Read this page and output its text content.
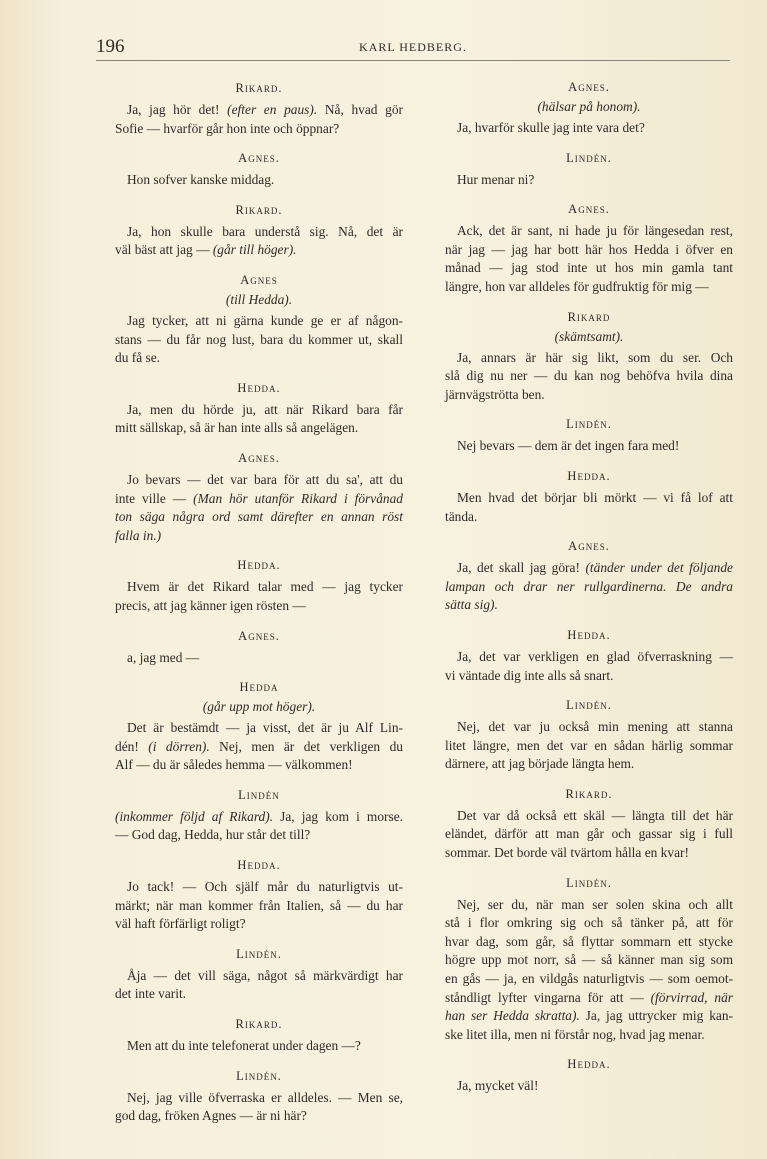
196	KARL HEDBERG.
Rikard.
Ja, jag hör det! (efter en paus). Nå, hvad gör
Sofie — hvarför går hon inte och öppnar?
Agnes.
Hon sofver kanske middag.
Rikard.
Ja, hon skulle bara understå sig. Nå, det är
väl bäst att jag — (går till höger).
Agnes
(till Hedda).
Jag tycker, att ni gärna kunde ge er af någon-
stans — du får nog lust, bara du kommer ut, skall
du få se.
Hedda.
Ja, men du hörde ju, att när Rikard bara får
mitt sällskap, så är han inte alls så angelägen.
Agnes.
Jo bevars — det var bara för att du sa', att du
inte ville — (Man hör utanför Rikard i förvånad
ton säga några ord samt därefter en annan röst
falla in.)
Hedda.
Hvem är det Rikard talar med — jag tycker
precis, att jag känner igen rösten —
Agnes.
a, jag med —
Hedda
(går upp mot höger).
Det är bestämdt — ja visst, det är ju Alf Lin-
dén! (i dörren). Nej, men är det verkligen du
Alf — du är således hemma — välkommen!
Lindén
(inkommer följd af Rikard). Ja, jag kom i morse.
— God dag, Hedda, hur står det till?
Hedda.
Jo tack! — Och själf mår du naturligtvis ut-
märkt; när man kommer från Italien, så — du har
väl haft förfärligt roligt?
Lindén.
Åja — det vill säga, något så märkvärdigt har
det inte varit.
Rikard.
Men att du inte telefonerat under dagen —?
Lindén.
Nej, jag ville öfverraska er alldeles. — Men se,
god dag, fröken Agnes — är ni här?
Agnes.
(hälsar på honom).
Ja, hvarför skulle jag inte vara det?
Lindén.
Hur menar ni?
Agnes.
Ack, det är sant, ni hade ju för längesedan rest,
när jag — jag har bott här hos Hedda i öfver en
månad — jag stod inte ut hos min gamla tant
längre, hon var alldeles för gudfruktig för mig —
Rikard
(skämtsamt).
Ja, annars är här sig likt, som du ser. Och
slå dig nu ner — du kan nog behöfva hvila dina
järnvägströtta ben.
Lindén.
Nej bevars — dem är det ingen fara med!
Hedda.
Men hvad det börjar bli mörkt — vi få lof att
tända.
Agnes.
Ja, det skall jag göra! (tänder under det följande
lampan och drar ner rullgardinerna. De andra
sätta sig).
Hedda.
Ja, det var verkligen en glad öfverraskning —
vi väntade dig inte alls så snart.
Lindén.
Nej, det var ju också min mening att stanna
litet längre, men det var en sådan härlig sommar
därnere, att jag började längta hem.
Rikard.
Det var då också ett skäl — längta till det här
eländet, därför att man går och gassar sig i full
sommar. Det borde väl tvärtom hålla en kvar!
Lindén.
Nej, ser du, när man ser solen skina och allt
stå i flor omkring sig och så tänker på, att för
hvar dag, som går, så flyttar sommarn ett stycke
högre upp mot norr, så — så känner man sig som
en gås — ja, en vildgås naturligtvis — som oemot-
ståndligt lyfter vingarna för att — (förvirrad, när
han ser Hedda skratta). Ja, jag uttrycker mig kan-
ske litet illa, men ni förstår nog, hvad jag menar.
Hedda.
Ja, mycket väl!
